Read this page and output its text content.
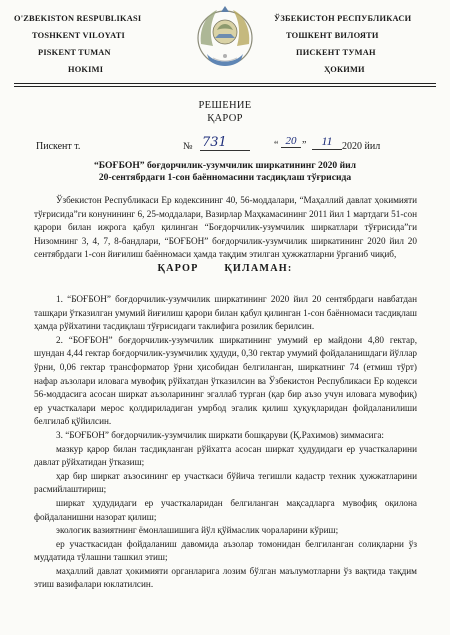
O'ZBEKISTON RESPUBLIKASI
TOSHKENT VILOYATI
PISKENT TUMAN
HOKIMI
ЎЗБЕКИСТОН РЕСПУБЛИКАСИ
ТОШКЕНТ ВИЛОЯТИ
ПИСКЕНТ ТУМАН
ҲОКИМИ
РЕШЕНИЕ
ҚАРОР
Пискент т.	№ 731	“ 20 ”	11 2020 йил
“БОҒБОН” боғдорчилик-узумчилик ширкатининг 2020 йил
20-сентябрдаги 1-сон баённомасини тасдиқлаш тўғрисида

Ўзбекистон Республикаси Ер кодексининг 40, 56-моддалари, “Маҳаллий давлат ҳокимияти тўғрисида”ги конунининг 6, 25-моддалари, Вазирлар Маҳкамасининг 2011 йил 1 мартдаги 51-сон қарори билан ижрога қабул қилинган “Боғдорчилик-узумчилик ширкатлари тўғрисида”ги Низомнинг 3, 4, 7, 8-бандлари, “БОҒБОН” боғдорчилик-узумчилик ширкатининг 2020 йил 20 сентябрдаги 1-сон йиғилиш баённомаси ҳамда тақдим этилган ҳужжатларни ўрганиб чиқиб,

ҚАРОР ҚИЛАМАН:

1. “БОҒБОН” боғдорчилик-узумчилик ширкатининг 2020 йил 20 сентябрдаги навбатдан ташқари ўтказилган умумий йиғилиш қарори билан қабул қилинган 1-сон баённомаси тасдиқлаш ҳамда рўйхатини тасдиқлаш тўғрисидаги таклифига розилик берилсин.

2. “БОҒБОН” боғдорчилик-узумчилик ширкатининг умумий ер майдони 4,80 гектар, шундан 4,44 гектар боғдорчилик-узумчилик ҳудуди, 0,30 гектар умумий фойдаланишдаги йўллар ўрни, 0,06 гектар трансформатор ўрни ҳисобидан белгиланган, ширкатнинг 74 (етмиш тўрт) нафар аъзолари иловага мувофиқ рўйхатдан ўтказилсин ва Ўзбекистон Республикаси Ер кодекси 56-моддасига асосан ширкат аъзоларининг эгаллаб турган (қар бир аъзо учун иловага мувофиқ) ер участкалари мерос қолдириладиган умрбод эгалик қилиш ҳуқуқларидан фойдаланилиши белгилаб қўйилсин.

3. “БОҒБОН” боғдорчилик-узумчилик ширкати бошқаруви (Қ.Рахимов) зиммасига:

мазкур қарор билан тасдиқланган рўйхатга асосан ширкат ҳудудидаги ер участкаларини давлат рўйхатидан ўтказиш;

ҳар бир ширкат аъзосининг ер участкаси бўйича тегишли кадастр техник ҳужжатларини расмийлаштириш;

ширкат ҳудудидаги ер участкаларидан белгиланган мақсадларга мувофиқ оқилона фойдаланишни назорат қилиш;

экологик вазиятнинг ёмонлашишига йўл қўймаслик чораларини кўриш;

ер участкасидан фойдаланиш давомида аъзолар томонидан белгиланган солиқларни ўз муддатида тўлашни ташкил этиш;

маҳаллий давлат ҳокимияти органларига лозим бўлган маълумотларни ўз вақтида тақдим этиш вазифалари юклатилсин.
